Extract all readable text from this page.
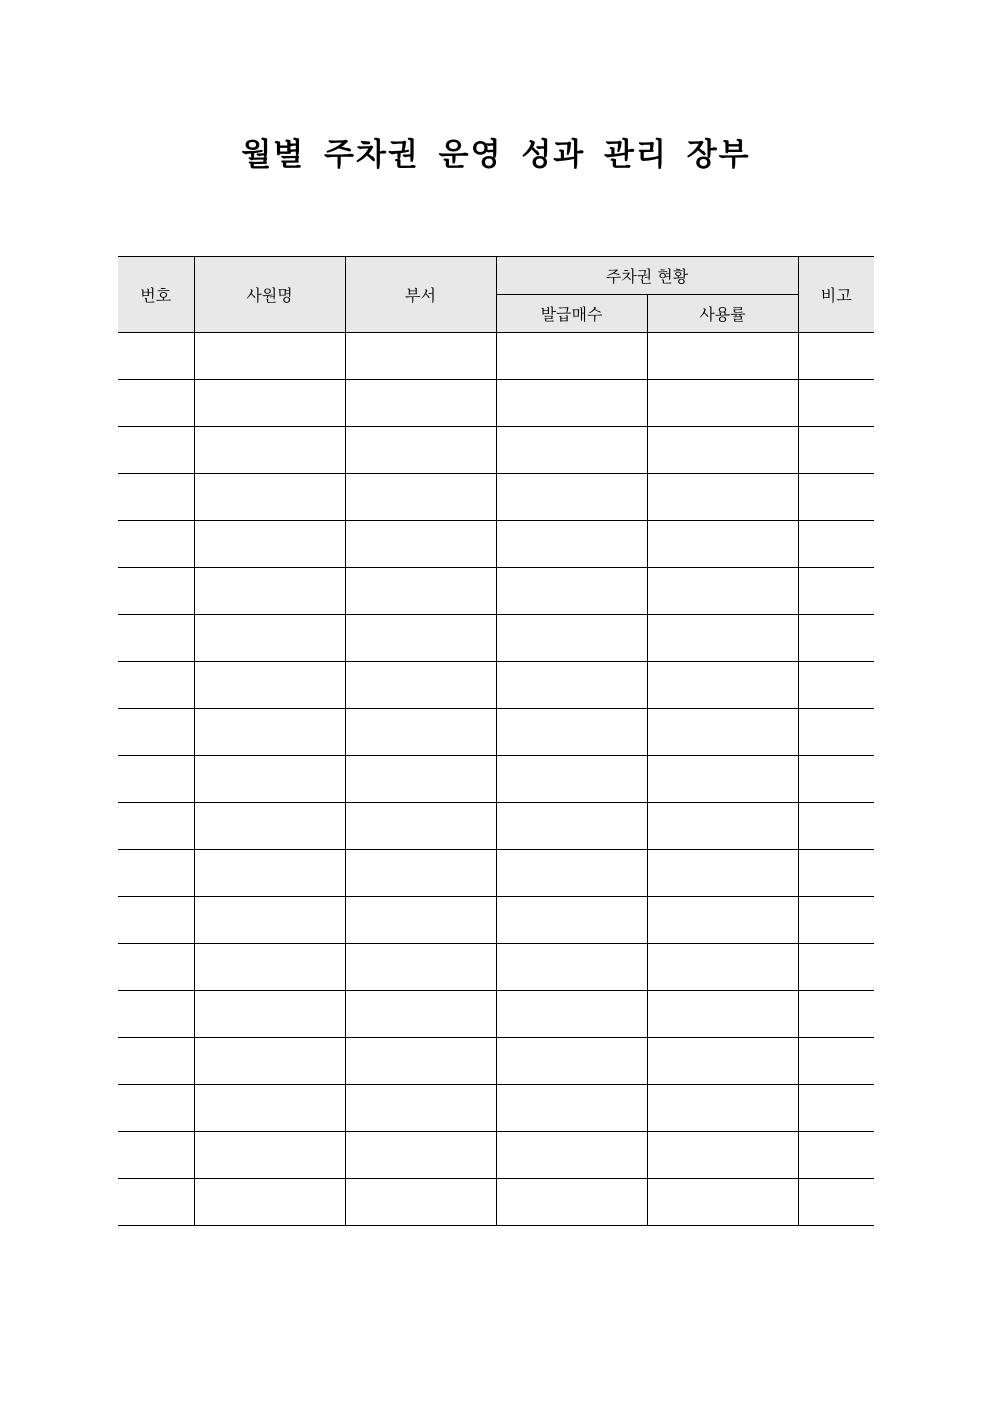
월별 주차권 운영 성과 관리 장부
번호	사원명	부서	주차권 현황		비고
			발급매수	사용률	
